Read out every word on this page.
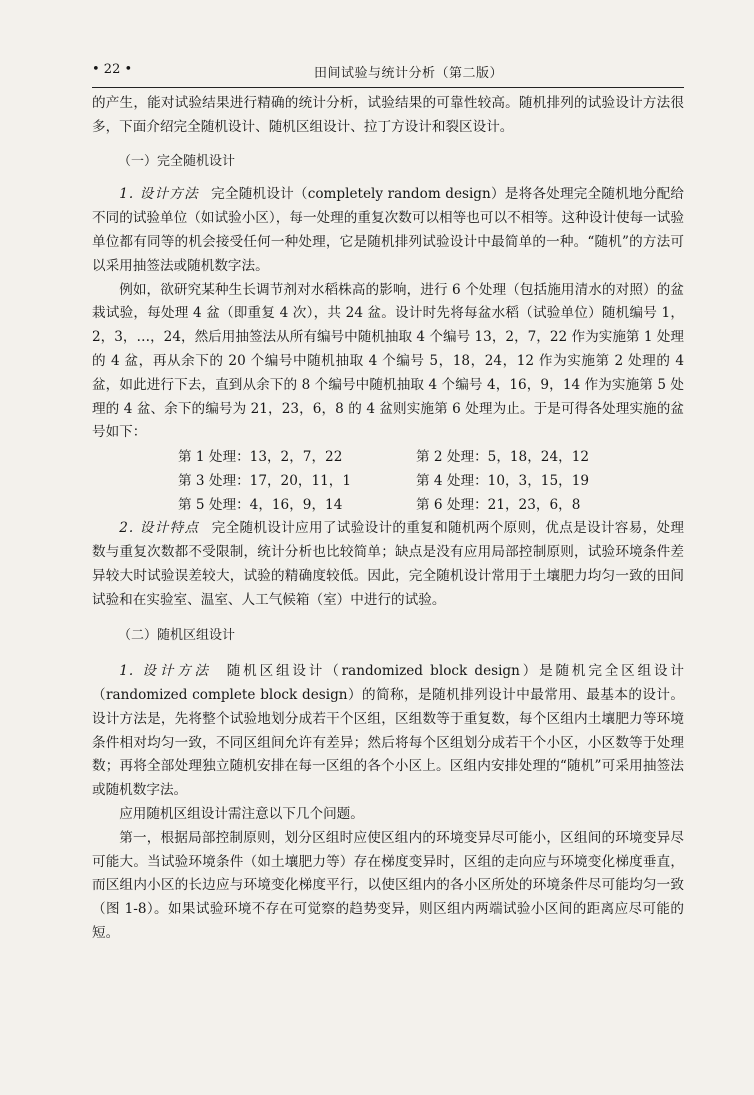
• 22 •	田间试验与统计分析（第二版）

的产生，能对试验结果进行精确的统计分析，试验结果的可靠性较高。随机排列的试验设计方法很多，下面介绍完全随机设计、随机区组设计、拉丁方设计和裂区设计。

（一）完全随机设计

1. 设计方法 完全随机设计（completely random design）是将各处理完全随机地分配给不同的试验单位（如试验小区），每一处理的重复次数可以相等也可以不相等。这种设计使每一试验单位都有同等的机会接受任何一种处理，它是随机排列试验设计中最简单的一种。“随机”的方法可以采用抽签法或随机数字法。

例如，欲研究某种生长调节剂对水稻株高的影响，进行 6 个处理（包括施用清水的对照）的盆栽试验，每处理 4 盆（即重复 4 次），共 24 盆。设计时先将每盆水稻（试验单位）随机编号 1，2，3，…，24，然后用抽签法从所有编号中随机抽取 4 个编号 13，2，7，22 作为实施第 1 处理的 4 盆，再从余下的 20 个编号中随机抽取 4 个编号 5，18，24，12 作为实施第 2 处理的 4 盆，如此进行下去，直到从余下的 8 个编号中随机抽取 4 个编号 4，16，9，14 作为实施第 5 处理的 4 盆、余下的编号为 21，23，6，8 的 4 盆则实施第 6 处理为止。于是可得各处理实施的盆号如下：

第 1 处理：13，2，7，22	第 2 处理：5，18，24，12
第 3 处理：17，20，11，1	第 4 处理：10，3，15，19
第 5 处理：4，16，9，14	第 6 处理：21，23，6，8

2. 设计特点 完全随机设计应用了试验设计的重复和随机两个原则，优点是设计容易，处理数与重复次数都不受限制，统计分析也比较简单；缺点是没有应用局部控制原则，试验环境条件差异较大时试验误差较大，试验的精确度较低。因此，完全随机设计常用于土壤肥力均匀一致的田间试验和在实验室、温室、人工气候箱（室）中进行的试验。

（二）随机区组设计

1. 设计方法 随机区组设计（randomized block design）是随机完全区组设计（randomized complete block design）的简称，是随机排列设计中最常用、最基本的设计。设计方法是，先将整个试验地划分成若干个区组，区组数等于重复数，每个区组内土壤肥力等环境条件相对均匀一致，不同区组间允许有差异；然后将每个区组划分成若干个小区，小区数等于处理数；再将全部处理独立随机安排在每一区组的各个小区上。区组内安排处理的“随机”可采用抽签法或随机数字法。

应用随机区组设计需注意以下几个问题。

第一，根据局部控制原则，划分区组时应使区组内的环境变异尽可能小，区组间的环境变异尽可能大。当试验环境条件（如土壤肥力等）存在梯度变异时，区组的走向应与环境变化梯度垂直，而区组内小区的长边应与环境变化梯度平行，以使区组内的各小区所处的环境条件尽可能均匀一致（图 1-8）。如果试验环境不存在可觉察的趋势变异，则区组内两端试验小区间的距离应尽可能的短。
